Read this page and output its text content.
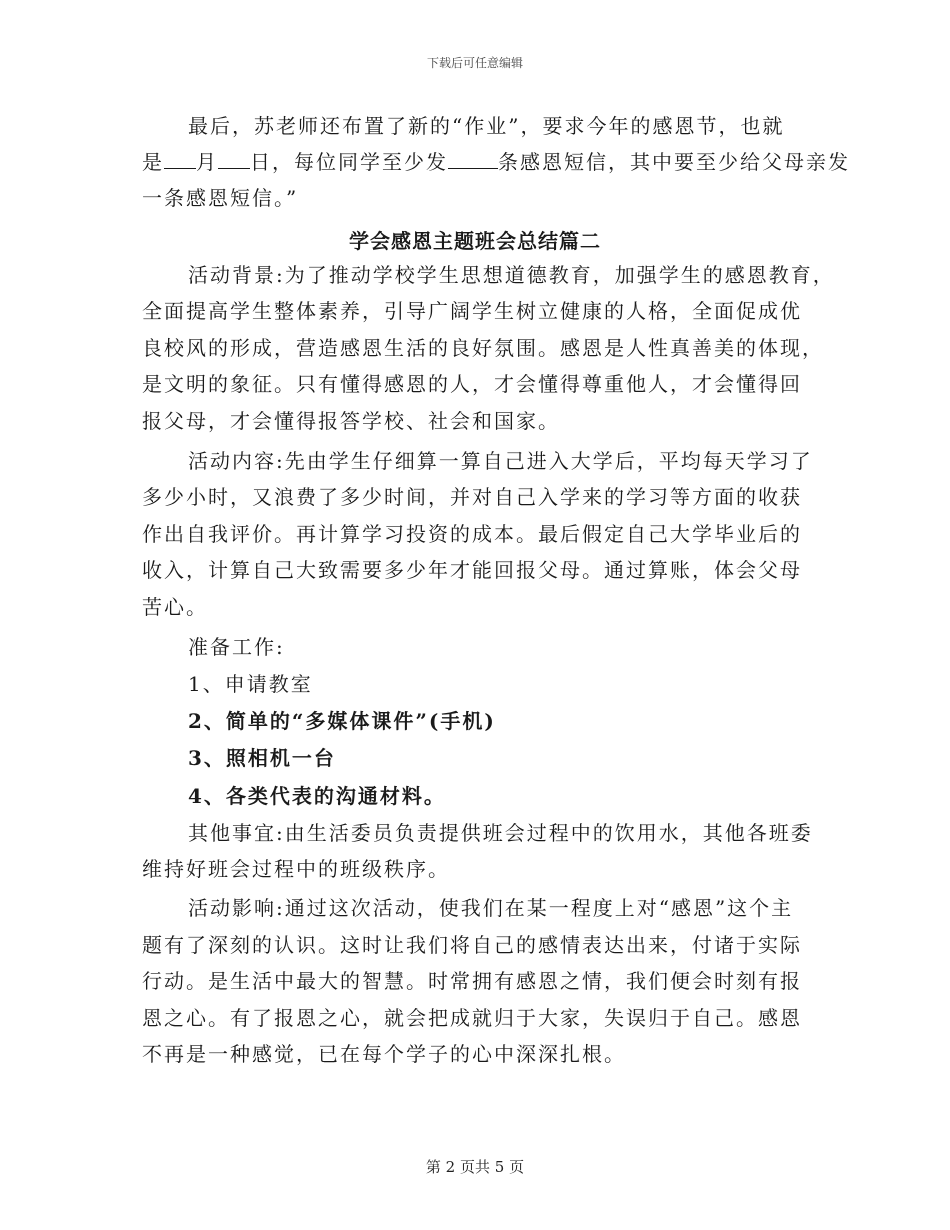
下载后可任意编辑
最后，苏老师还布置了新的“作业”，要求今年的感恩节，也就
是 月 日，每位同学至少发	条感恩短信，其中要至少给父母亲发
一条感恩短信。”
学会感恩主题班会总结篇二
活动背景:为了推动学校学生思想道德教育，加强学生的感恩教育，
全面提高学生整体素养，引导广阔学生树立健康的人格，全面促成优
良校风的形成，营造感恩生活的良好氛围。感恩是人性真善美的体现，
是文明的象征。只有懂得感恩的人，才会懂得尊重他人，才会懂得回
报父母，才会懂得报答学校、社会和国家。
活动内容:先由学生仔细算一算自己进入大学后，平均每天学习了
多少小时，又浪费了多少时间，并对自己入学来的学习等方面的收获
作出自我评价。再计算学习投资的成本。最后假定自己大学毕业后的
收入，计算自己大致需要多少年才能回报父母。通过算账，体会父母
苦心。
准备工作:
1、申请教室
2、简单的“多媒体课件”(手机)
3、照相机一台
4、各类代表的沟通材料。
其他事宜:由生活委员负责提供班会过程中的饮用水，其他各班委
维持好班会过程中的班级秩序。
活动影响:通过这次活动，使我们在某一程度上对“感恩”这个主
题有了深刻的认识。这时让我们将自己的感情表达出来，付诸于实际
行动。是生活中最大的智慧。时常拥有感恩之情，我们便会时刻有报
恩之心。有了报恩之心，就会把成就归于大家，失误归于自己。感恩
不再是一种感觉，已在每个学子的心中深深扎根。
第 2 页共 5 页
